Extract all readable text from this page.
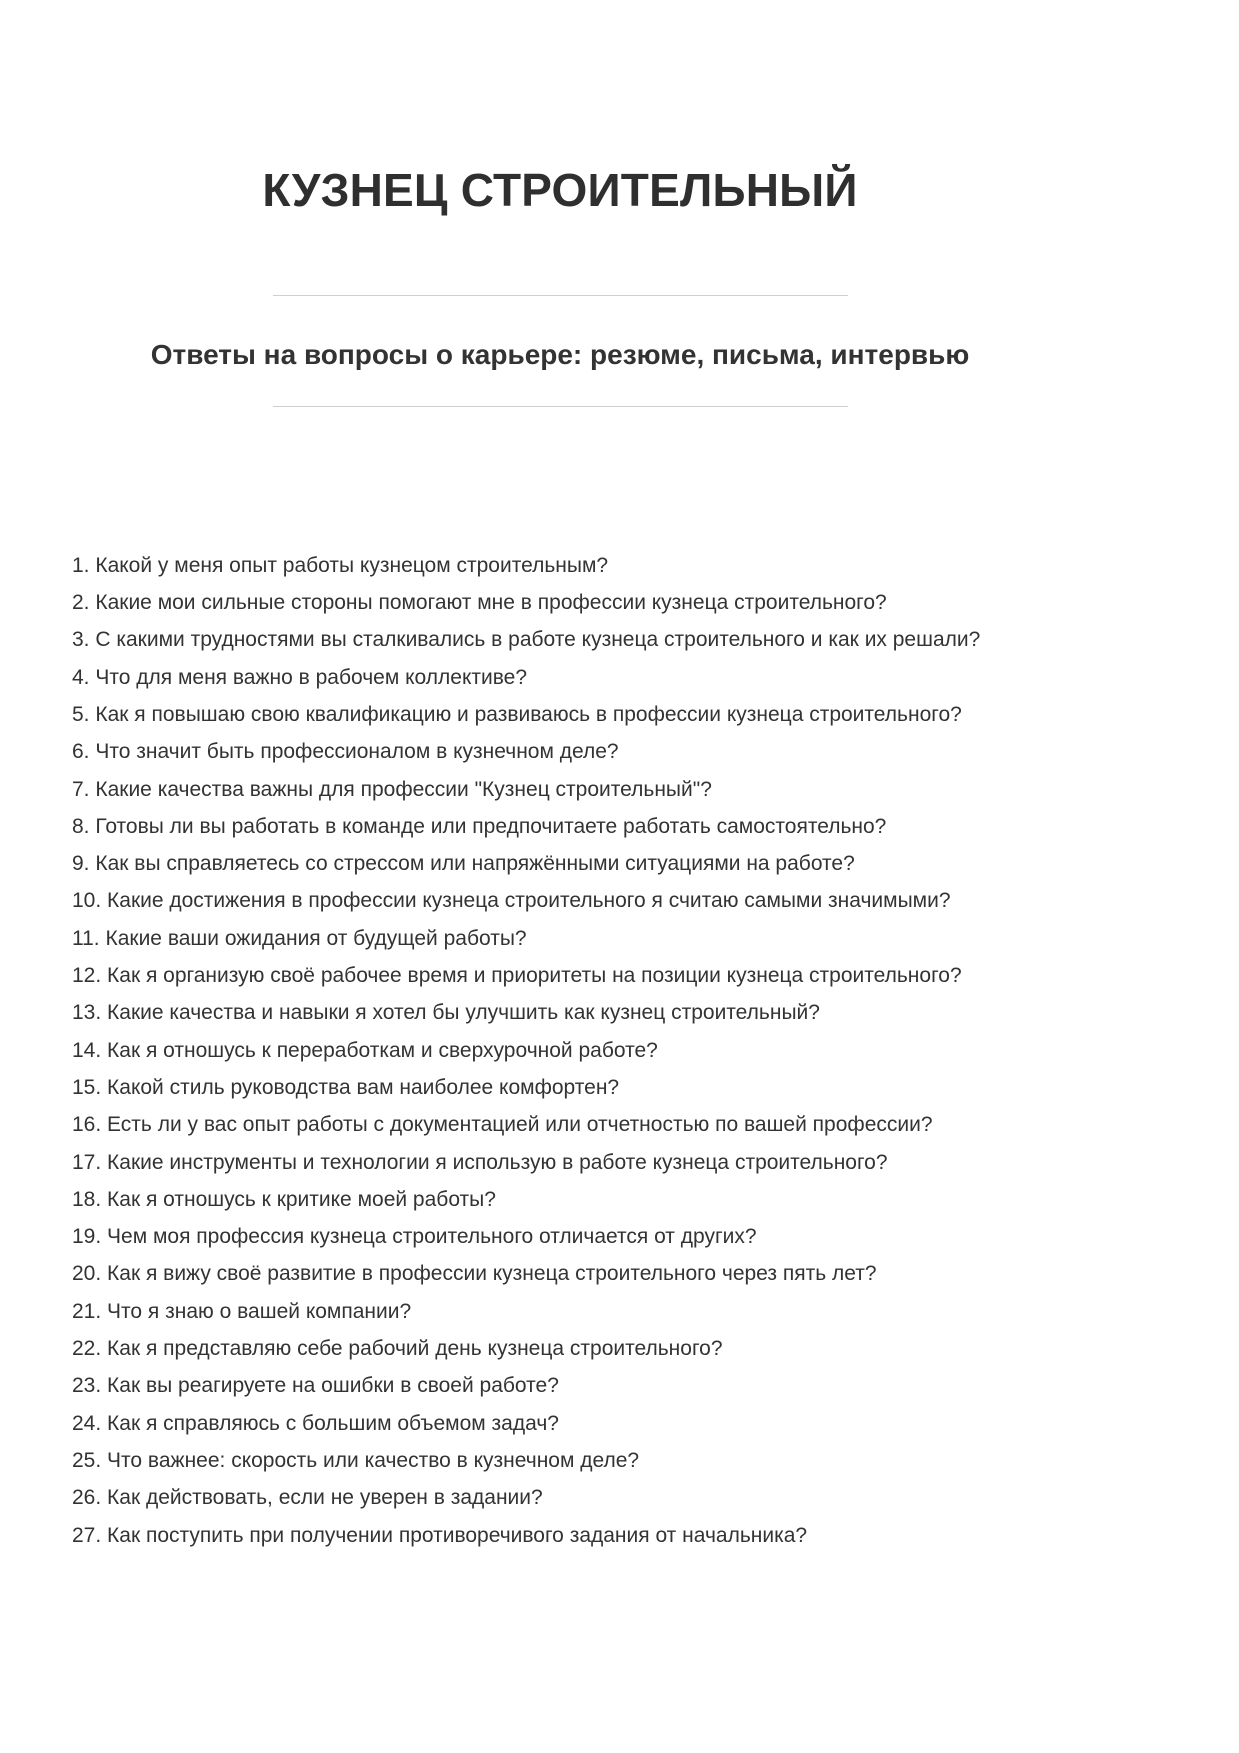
КУЗНЕЦ СТРОИТЕЛЬНЫЙ
Ответы на вопросы о карьере: резюме, письма, интервью
1. Какой у меня опыт работы кузнецом строительным?
2. Какие мои сильные стороны помогают мне в профессии кузнеца строительного?
3. С какими трудностями вы сталкивались в работе кузнеца строительного и как их решали?
4. Что для меня важно в рабочем коллективе?
5. Как я повышаю свою квалификацию и развиваюсь в профессии кузнеца строительного?
6. Что значит быть профессионалом в кузнечном деле?
7. Какие качества важны для профессии "Кузнец строительный"?
8. Готовы ли вы работать в команде или предпочитаете работать самостоятельно?
9. Как вы справляетесь со стрессом или напряжёнными ситуациями на работе?
10. Какие достижения в профессии кузнеца строительного я считаю самыми значимыми?
11. Какие ваши ожидания от будущей работы?
12. Как я организую своё рабочее время и приоритеты на позиции кузнеца строительного?
13. Какие качества и навыки я хотел бы улучшить как кузнец строительный?
14. Как я отношусь к переработкам и сверхурочной работе?
15. Какой стиль руководства вам наиболее комфортен?
16. Есть ли у вас опыт работы с документацией или отчетностью по вашей профессии?
17. Какие инструменты и технологии я использую в работе кузнеца строительного?
18. Как я отношусь к критике моей работы?
19. Чем моя профессия кузнеца строительного отличается от других?
20. Как я вижу своё развитие в профессии кузнеца строительного через пять лет?
21. Что я знаю о вашей компании?
22. Как я представляю себе рабочий день кузнеца строительного?
23. Как вы реагируете на ошибки в своей работе?
24. Как я справляюсь с большим объемом задач?
25. Что важнее: скорость или качество в кузнечном деле?
26. Как действовать, если не уверен в задании?
27. Как поступить при получении противоречивого задания от начальника?
